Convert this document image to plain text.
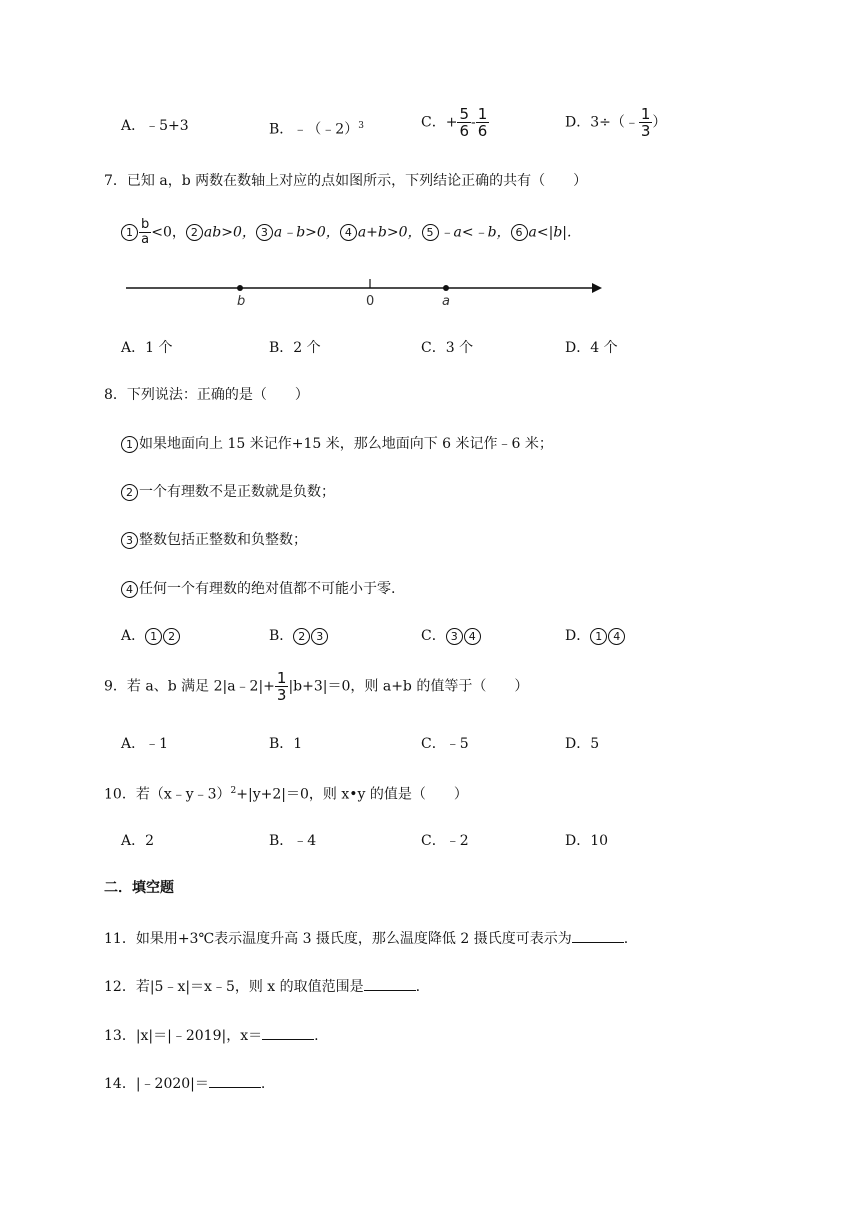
A．﹣5+3	B．﹣（﹣2）$^3$	C．+ $\frac{5}{6} - \frac{1}{6}$	D．3÷（﹣ $\frac{1}{3}$ ）
7．已知 a，b 两数在数轴上对应的点如图所示，下列结论正确的共有（　　）
$1 \frac{b}{a} <0$， 2 ab>0， 3 a﹣b>0， 4 a+b>0， 5 ﹣a<﹣b， 6 a<|b|.
b	0	a
A．1 个	B．2 个	C．3 个	D．4 个
8．下列说法：正确的是（　　）
1 如果地面向上 15 米记作+15 米，那么地面向下 6 米记作﹣6 米；
2 一个有理数不是正数就是负数；
3 整数包括正整数和负整数；
4 任何一个有理数的绝对值都不可能小于零.
A． 1 2	B． 2 3	C． 3 4	D． 1 4
9．若 a、b 满足 2|a﹣2|+ $\frac{1}{3} |b+3|=0$，则 a+b 的值等于（　　）
A．﹣1	B．1	C．﹣5	D．5
10．若（x﹣y﹣3）$^2$+|y+2|＝0，则 x•y 的值是（　　）
A．2	B．﹣4	C．﹣2	D．10
二．填空题
11．如果用+3℃表示温度升高 3 摄氏度，那么温度降低 2 摄氏度可表示为	.
12．若|5﹣x|＝x﹣5，则 x 的取值范围是	.
13．|x|＝|﹣2019|，x＝	.
14．|﹣2020|＝	.
